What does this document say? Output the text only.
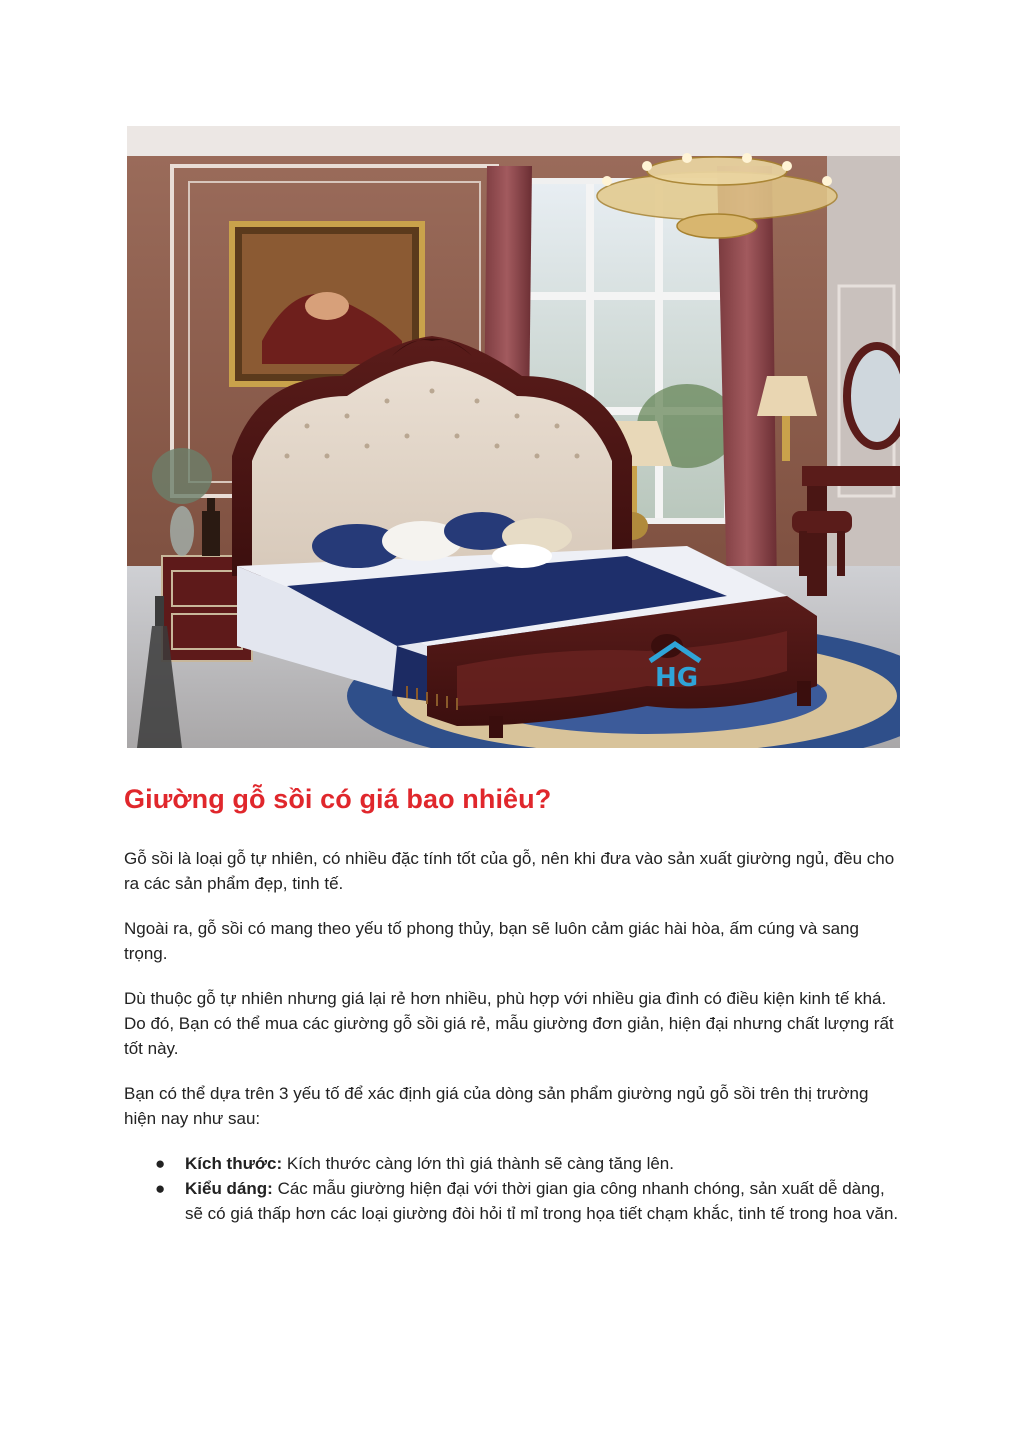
HG
Giường gỗ sồi có giá bao nhiêu?

Gỗ sồi là loại gỗ tự nhiên, có nhiều đặc tính tốt của gỗ, nên khi đưa vào sản xuất giường ngủ, đều cho ra các sản phẩm đẹp, tinh tế.

Ngoài ra, gỗ sồi có mang theo yếu tố phong thủy, bạn sẽ luôn cảm giác hài hòa, ấm cúng và sang trọng.

Dù thuộc gỗ tự nhiên nhưng giá lại rẻ hơn nhiều, phù hợp với nhiều gia đình có điều kiện kinh tế khá. Do đó, Bạn có thể mua các giường gỗ sồi giá rẻ, mẫu giường đơn giản, hiện đại nhưng chất lượng rất tốt này.

Bạn có thể dựa trên 3 yếu tố để xác định giá của dòng sản phẩm giường ngủ gỗ sồi trên thị trường hiện nay như sau:

● Kích thước: Kích thước càng lớn thì giá thành sẽ càng tăng lên.
● Kiểu dáng: Các mẫu giường hiện đại với thời gian gia công nhanh chóng, sản xuất dễ dàng, sẽ có giá thấp hơn các loại giường đòi hỏi tỉ mỉ trong họa tiết chạm khắc, tinh tế trong hoa văn.
